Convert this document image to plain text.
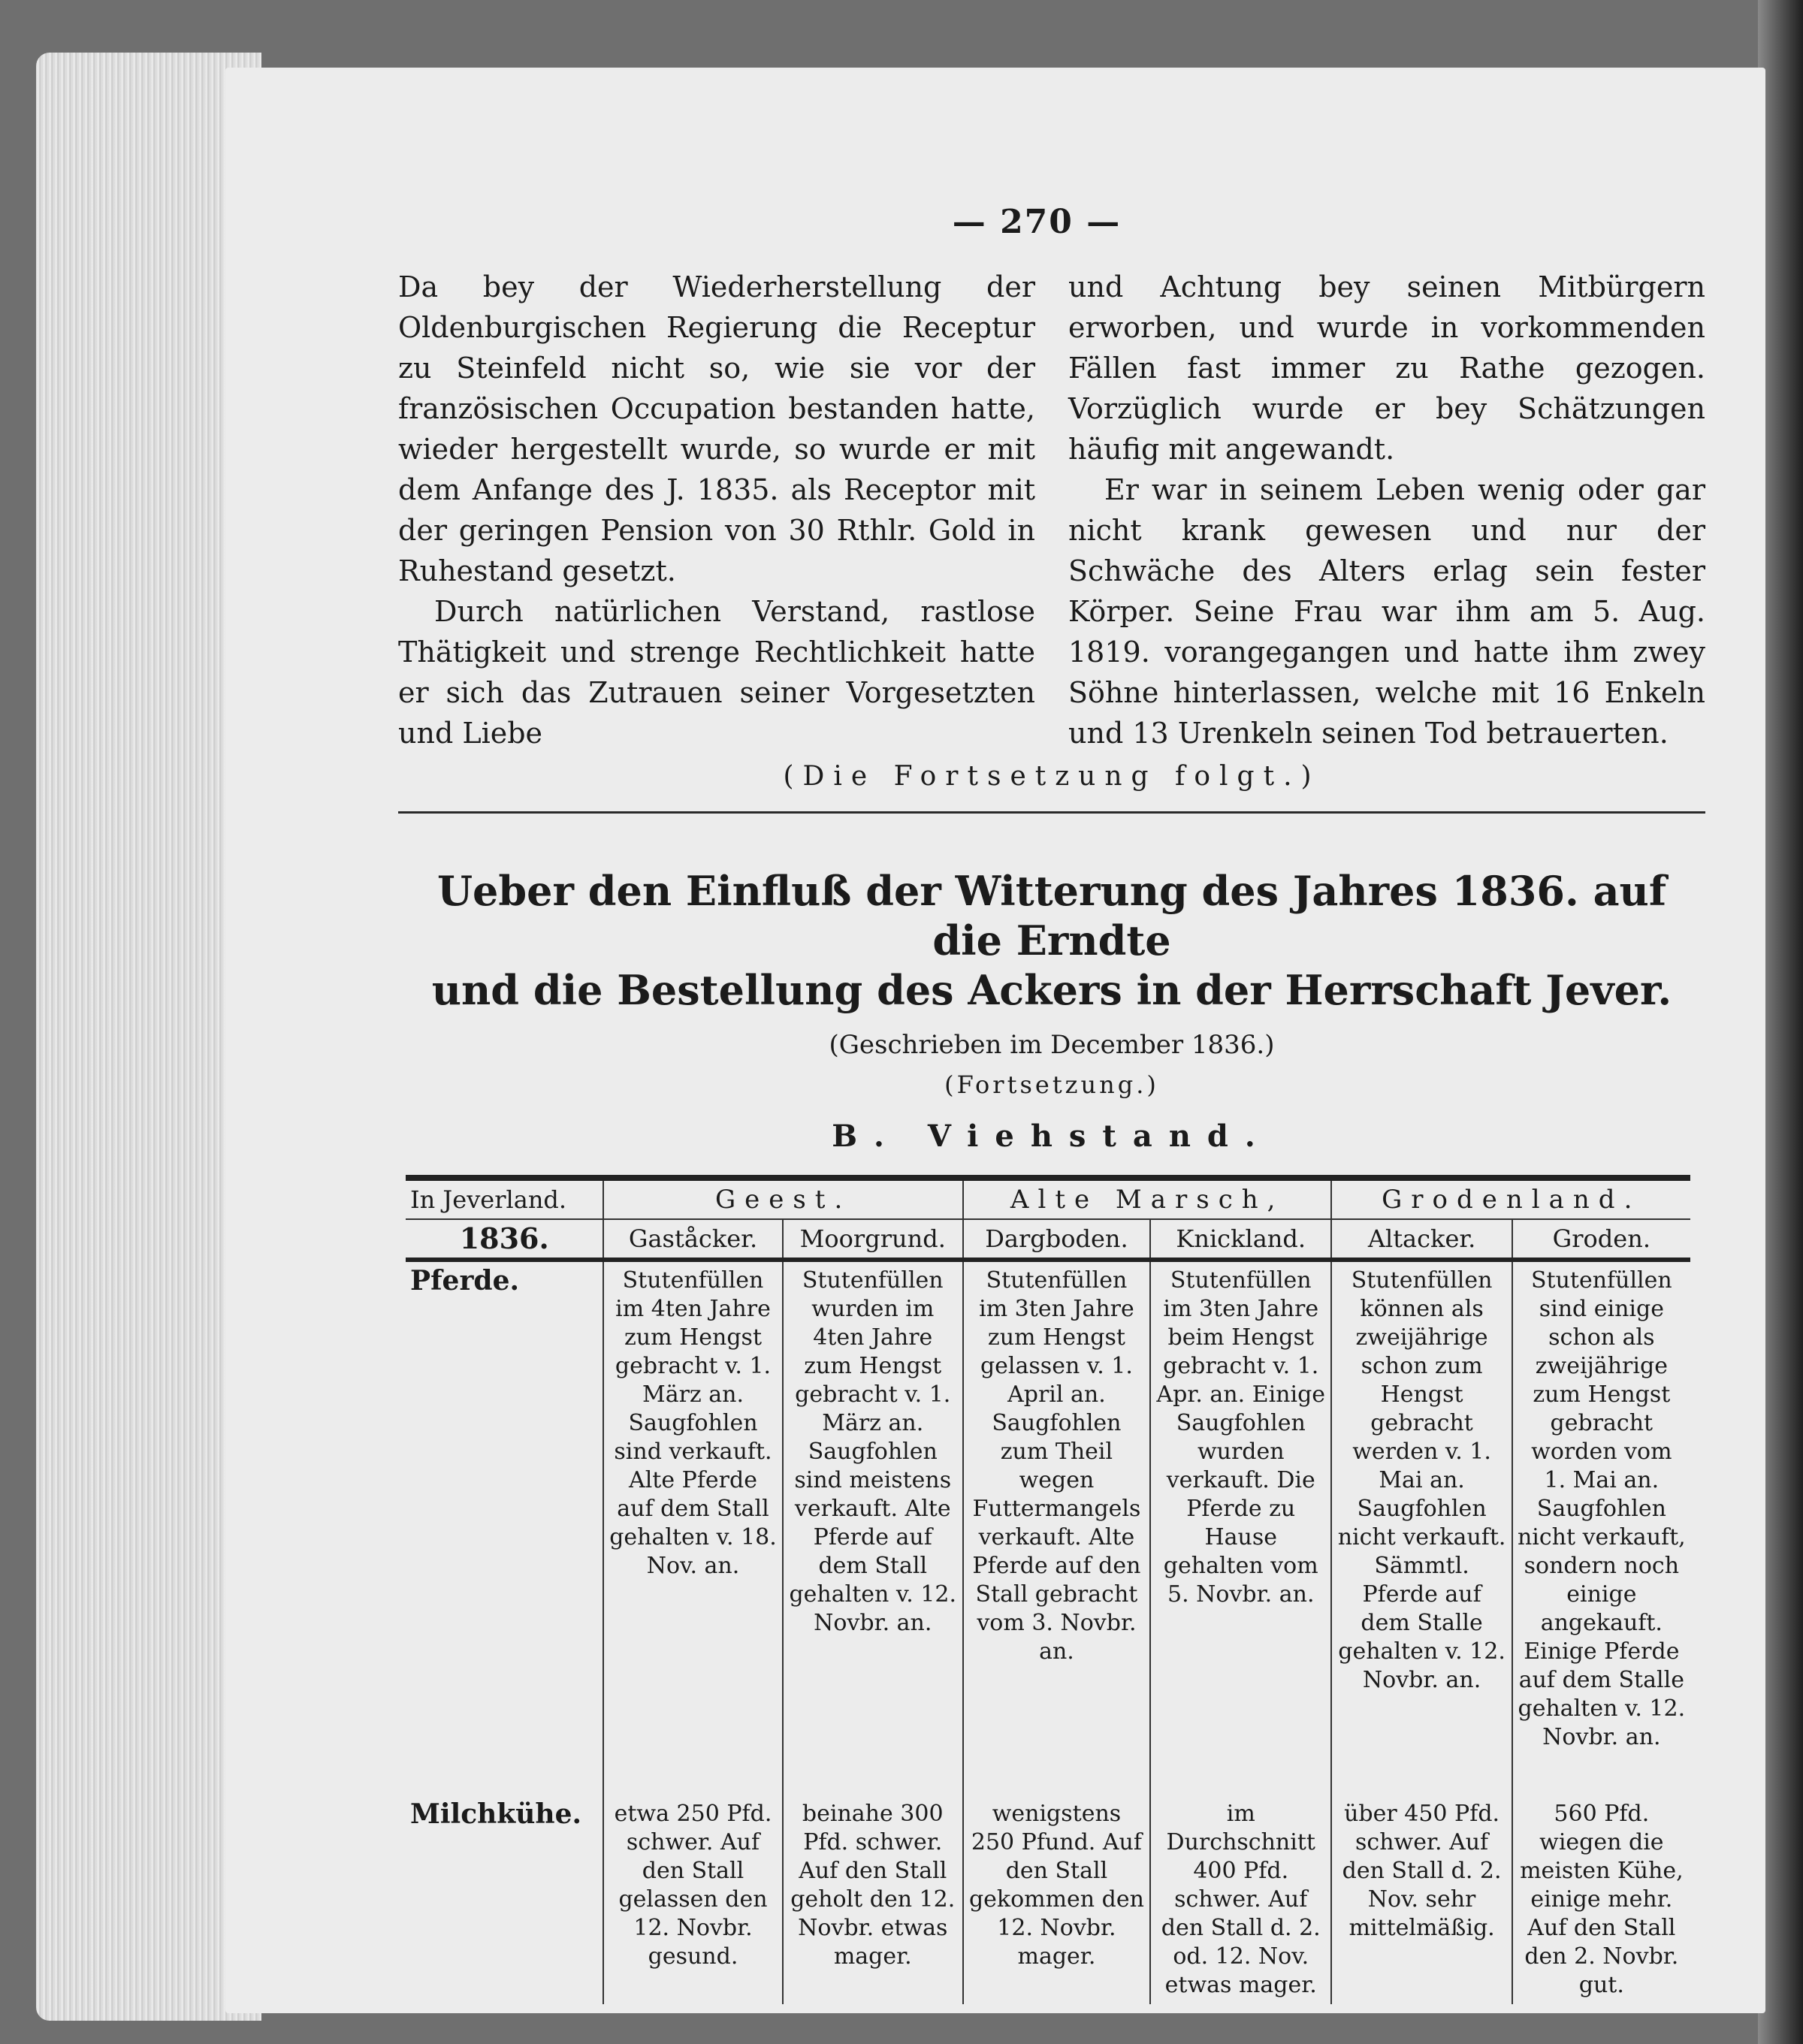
— 270 —

Da bey der Wiederherstellung der Oldenburgischen Regierung die Receptur zu Steinfeld nicht so, wie sie vor der französischen Occupation bestanden hatte, wieder hergestellt wurde, so wurde er mit dem Anfange des J. 1835. als Receptor mit der geringen Pension von 30 Rthlr. Gold in Ruhestand gesetzt.

Durch natürlichen Verstand, rastlose Thätigkeit und strenge Rechtlichkeit hatte er sich das Zutrauen seiner Vorgesetzten und Liebe

und Achtung bey seinen Mitbürgern erworben, und wurde in vorkommenden Fällen fast immer zu Rathe gezogen. Vorzüglich wurde er bey Schätzungen häufig mit angewandt.

Er war in seinem Leben wenig oder gar nicht krank gewesen und nur der Schwäche des Alters erlag sein fester Körper. Seine Frau war ihm am 5. Aug. 1819. vorangegangen und hatte ihm zwey Söhne hinterlassen, welche mit 16 Enkeln und 13 Urenkeln seinen Tod betrauerten.

(Die Fortsetzung folgt.)
Ueber den Einfluß der Witterung des Jahres 1836. auf die Erndte
und die Bestellung des Ackers in der Herrschaft Jever.
(Geschrieben im December 1836.)
(Fortsetzung.)
B. Viehstand.
In Jeverland.	Geest.		Alte Marsch,		Grodenland.	
1836.	Gaståcker.	Moorgrund.	Dargboden.	Knickland.	Altacker.	Groden.
Pferde.	Stutenfüllen im 4ten Jahre zum Hengst gebracht v. 1. März an. Saugfohlen sind verkauft. Alte Pferde auf dem Stall gehalten v. 18. Nov. an.	Stutenfüllen wurden im 4ten Jahre zum Hengst gebracht v. 1. März an. Saugfohlen sind meistens verkauft. Alte Pferde auf dem Stall gehalten v. 12. Novbr. an.	Stutenfüllen im 3ten Jahre zum Hengst gelassen v. 1. April an. Saugfohlen zum Theil wegen Futtermangels verkauft. Alte Pferde auf den Stall gebracht vom 3. Novbr. an.	Stutenfüllen im 3ten Jahre beim Hengst gebracht v. 1. Apr. an. Einige Saugfohlen wurden verkauft. Die Pferde zu Hause gehalten vom 5. Novbr. an.	Stutenfüllen können als zweijährige schon zum Hengst gebracht werden v. 1. Mai an. Saugfohlen nicht verkauft. Sämmtl. Pferde auf dem Stalle gehalten v. 12. Novbr. an.	Stutenfüllen sind einige schon als zweijährige zum Hengst gebracht worden vom 1. Mai an. Saugfohlen nicht verkauft, sondern noch einige angekauft. Einige Pferde auf dem Stalle gehalten v. 12. Novbr. an.

Milchkühe.	etwa 250 Pfd. schwer. Auf den Stall gelassen den 12. Novbr. gesund.	beinahe 300 Pfd. schwer. Auf den Stall geholt den 12. Novbr. etwas mager.	wenigstens 250 Pfund. Auf den Stall gekommen den 12. Novbr. mager.	im Durchschnitt 400 Pfd. schwer. Auf den Stall d. 2. od. 12. Nov. etwas mager.	über 450 Pfd. schwer. Auf den Stall d. 2. Nov. sehr mittelmäßig.	560 Pfd. wiegen die meisten Kühe, einige mehr. Auf den Stall den 2. Novbr. gut.
